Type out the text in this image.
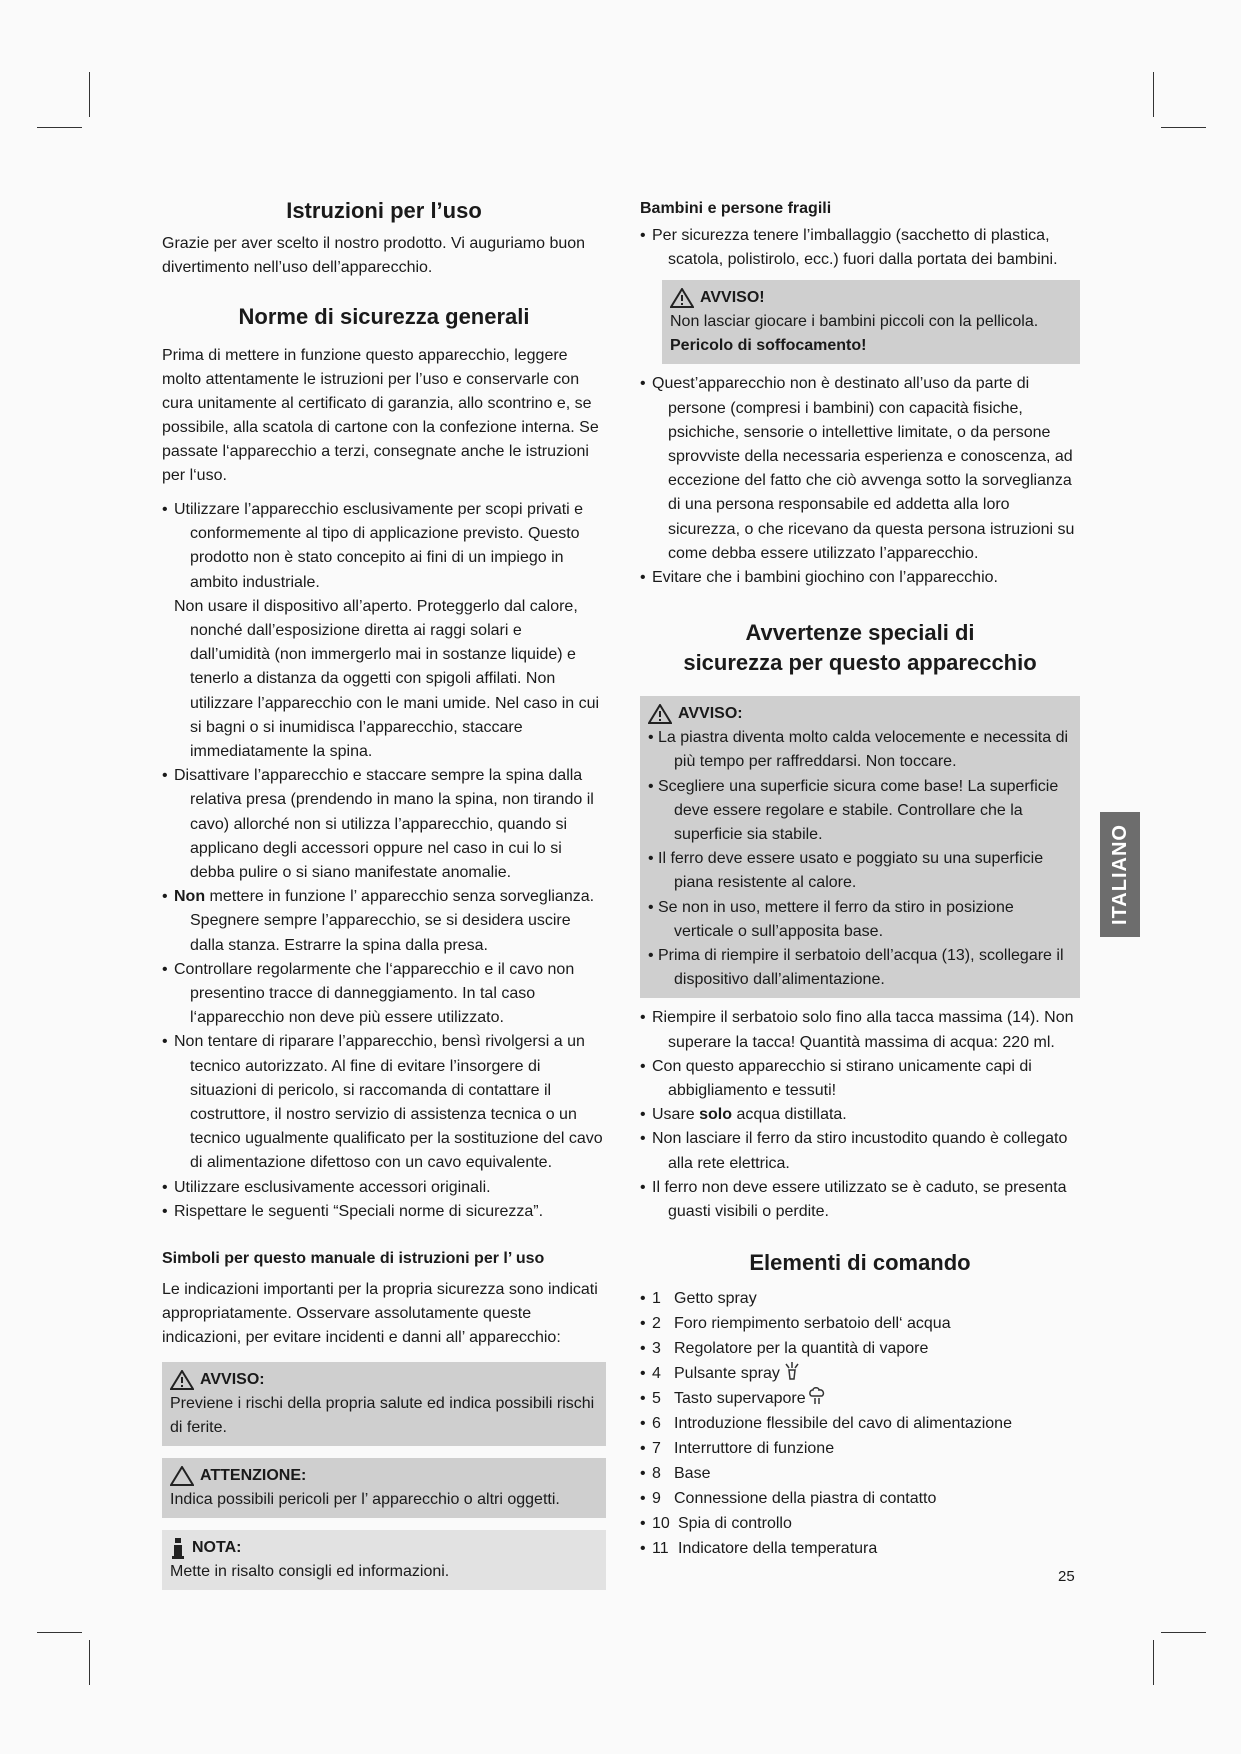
Istruzioni per l’uso

Grazie per aver scelto il nostro prodotto. Vi auguriamo buon divertimento nell’uso dell’apparecchio.

Norme di sicurezza generali

Prima di mettere in funzione questo apparecchio, leggere molto attentamente le istruzioni per l’uso e conservarle con cura unitamente al certificato di garanzia, allo scontrino e, se possibile, alla scatola di cartone con la confezione interna. Se passate l‘apparecchio a terzi, consegnate anche le istruzioni per l‘uso.

• Utilizzare l’apparecchio esclusivamente per scopi privati e conformemente al tipo di applicazione previsto. Questo prodotto non è stato concepito ai fini di un impiego in ambito industriale.
Non usare il dispositivo all’aperto. Proteggerlo dal calore, nonché dall’esposizione diretta ai raggi solari e dall’umidità (non immergerlo mai in sostanze liquide) e tenerlo a distanza da oggetti con spigoli affilati. Non utilizzare l’apparecchio con le mani umide. Nel caso in cui si bagni o si inumidisca l’apparecchio, staccare immediatamente la spina.
• Disattivare l’apparecchio e staccare sempre la spina dalla relativa presa (prendendo in mano la spina, non tirando il cavo) allorché non si utilizza l’apparecchio, quando si applicano degli accessori oppure nel caso in cui lo si debba pulire o si siano manifestate anomalie.
• Non mettere in funzione l’ apparecchio senza sorveglianza. Spegnere sempre l’apparecchio, se si desidera uscire dalla stanza. Estrarre la spina dalla presa.
• Controllare regolarmente che l‘apparecchio e il cavo non presentino tracce di danneggiamento. In tal caso l‘apparecchio non deve più essere utilizzato.
• Non tentare di riparare l’apparecchio, bensì rivolgersi a un tecnico autorizzato. Al fine di evitare l’insorgere di situazioni di pericolo, si raccomanda di contattare il costruttore, il nostro servizio di assistenza tecnica o un tecnico ugualmente qualificato per la sostituzione del cavo di alimentazione difettoso con un cavo equivalente.
• Utilizzare esclusivamente accessori originali.
• Rispettare le seguenti “Speciali norme di sicurezza”.
Simboli per questo manuale di istruzioni per l’ uso

Le indicazioni importanti per la propria sicurezza sono indicati appropriatamente. Osservare assolutamente queste indicazioni, per evitare incidenti e danni all’ apparecchio:

AVVISO:

Previene i rischi della propria salute ed indica possibili rischi di ferite.

ATTENZIONE:

Indica possibili pericoli per l’ apparecchio o altri oggetti.

NOTA:

Mette in risalto consigli ed informazioni.

Bambini e persone fragili
• Per sicurezza tenere l’imballaggio (sacchetto di plastica, scatola, polistirolo, ecc.) fuori dalla portata dei bambini.
AVVISO!

Non lasciar giocare i bambini piccoli con la pellicola.

Pericolo di soffocamento!

• Quest’apparecchio non è destinato all’uso da parte di persone (compresi i bambini) con capacità fisiche, psichiche, sensorie o intellettive limitate, o da persone sprovviste della necessaria esperienza e conoscenza, ad eccezione del fatto che ciò avvenga sotto la sorveglianza di una persona responsabile ed addetta alla loro sicurezza, o che ricevano da questa persona istruzioni su come debba essere utilizzato l’apparecchio.
• Evitare che i bambini giochino con l’apparecchio.
Avvertenze speciali di
sicurezza per questo apparecchio
AVVISO:
• La piastra diventa molto calda velocemente e necessita di più tempo per raffreddarsi. Non toccare.
• Scegliere una superficie sicura come base! La superficie deve essere regolare e stabile. Controllare che la superficie sia stabile.
• Il ferro deve essere usato e poggiato su una superficie piana resistente al calore.
• Se non in uso, mettere il ferro da stiro in posizione verticale o sull’apposita base.
• Prima di riempire il serbatoio dell’acqua (13), scollegare il dispositivo dall’alimentazione.
• Riempire il serbatoio solo fino alla tacca massima (14). Non superare la tacca! Quantità massima di acqua: 220 ml.
• Con questo apparecchio si stirano unicamente capi di abbigliamento e tessuti!
• Usare solo acqua distillata.
• Non lasciare il ferro da stiro incustodito quando è collegato alla rete elettrica.
• Il ferro non deve essere utilizzato se è caduto, se presenta guasti visibili o perdite.
Elementi di comando
• 1 Getto spray
• 2 Foro riempimento serbatoio dell‘ acqua
• 3 Regolatore per la quantità di vapore
• 4 Pulsante spray
• 5 Tasto supervapore
• 6 Introduzione flessibile del cavo di alimentazione
• 7 Interruttore di funzione
• 8 Base
• 9 Connessione della piastra di contatto
• 10 Spia di controllo
• 11 Indicatore della temperatura
ITALIANO
25
